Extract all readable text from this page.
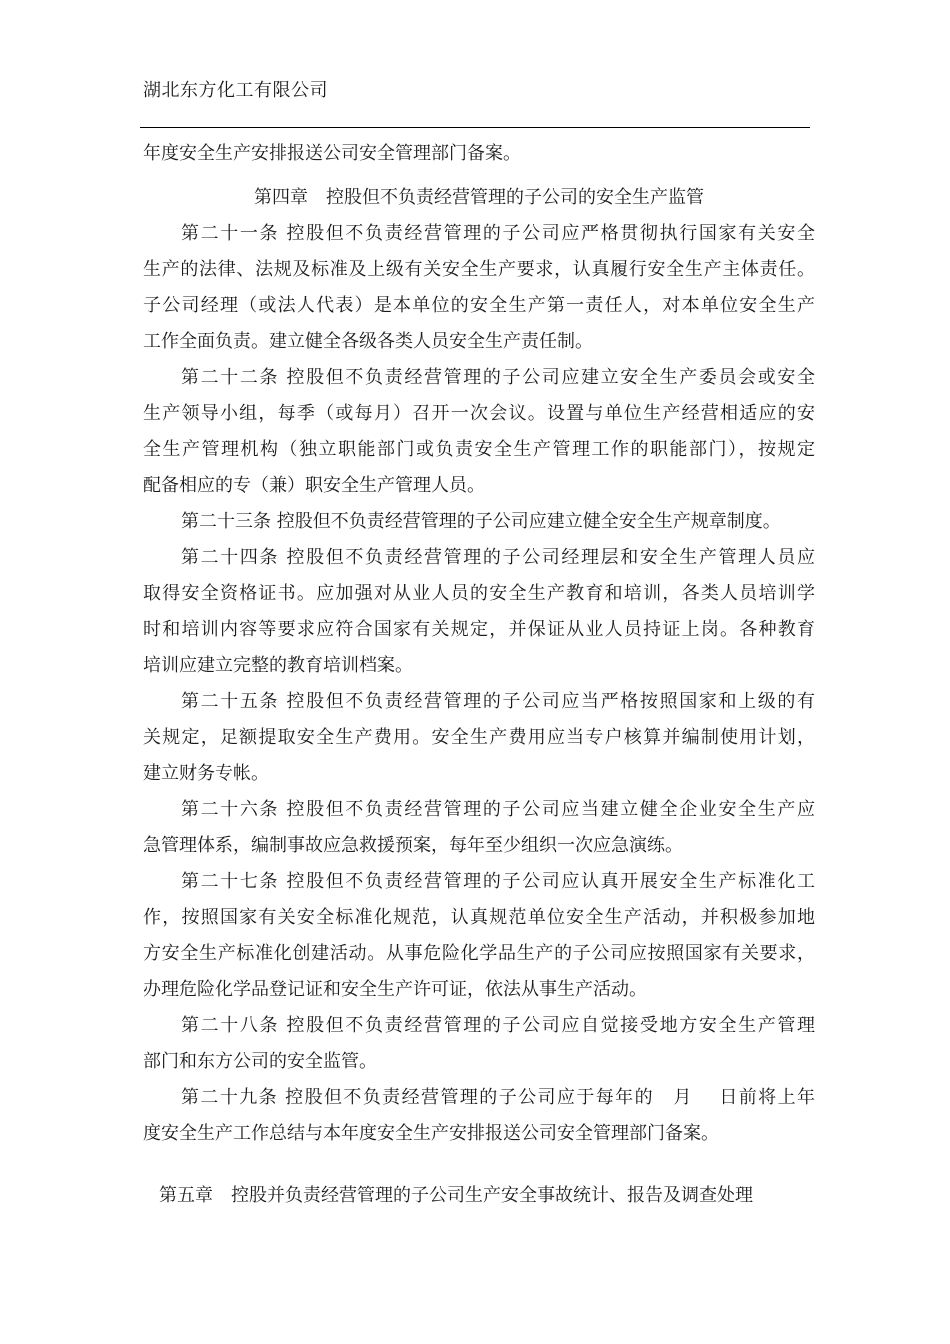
湖北东方化工有限公司
年度安全生产安排报送公司安全管理部门备案。
第四章　控股但不负责经营管理的子公司的安全生产监管
第二十一条 控股但不负责经营管理的子公司应严格贯彻执行国家有关安全
生产的法律、法规及标准及上级有关安全生产要求，认真履行安全生产主体责任。
子公司经理（或法人代表）是本单位的安全生产第一责任人，对本单位安全生产
工作全面负责。建立健全各级各类人员安全生产责任制。
第二十二条 控股但不负责经营管理的子公司应建立安全生产委员会或安全
生产领导小组，每季（或每月）召开一次会议。设置与单位生产经营相适应的安
全生产管理机构（独立职能部门或负责安全生产管理工作的职能部门），按规定
配备相应的专（兼）职安全生产管理人员。
第二十三条 控股但不负责经营管理的子公司应建立健全安全生产规章制度。
第二十四条 控股但不负责经营管理的子公司经理层和安全生产管理人员应
取得安全资格证书。应加强对从业人员的安全生产教育和培训，各类人员培训学
时和培训内容等要求应符合国家有关规定，并保证从业人员持证上岗。各种教育
培训应建立完整的教育培训档案。
第二十五条 控股但不负责经营管理的子公司应当严格按照国家和上级的有
关规定，足额提取安全生产费用。安全生产费用应当专户核算并编制使用计划，
建立财务专帐。
第二十六条 控股但不负责经营管理的子公司应当建立健全企业安全生产应
急管理体系，编制事故应急救援预案，每年至少组织一次应急演练。
第二十七条 控股但不负责经营管理的子公司应认真开展安全生产标准化工
作，按照国家有关安全标准化规范，认真规范单位安全生产活动，并积极参加地
方安全生产标准化创建活动。从事危险化学品生产的子公司应按照国家有关要求，
办理危险化学品登记证和安全生产许可证，依法从事生产活动。
第二十八条 控股但不负责经营管理的子公司应自觉接受地方安全生产管理
部门和东方公司的安全监管。
第二十九条 控股但不负责经营管理的子公司应于每年的　月　 日前将上年
度安全生产工作总结与本年度安全生产安排报送公司安全管理部门备案。
第五章　控股并负责经营管理的子公司生产安全事故统计、报告及调查处理
